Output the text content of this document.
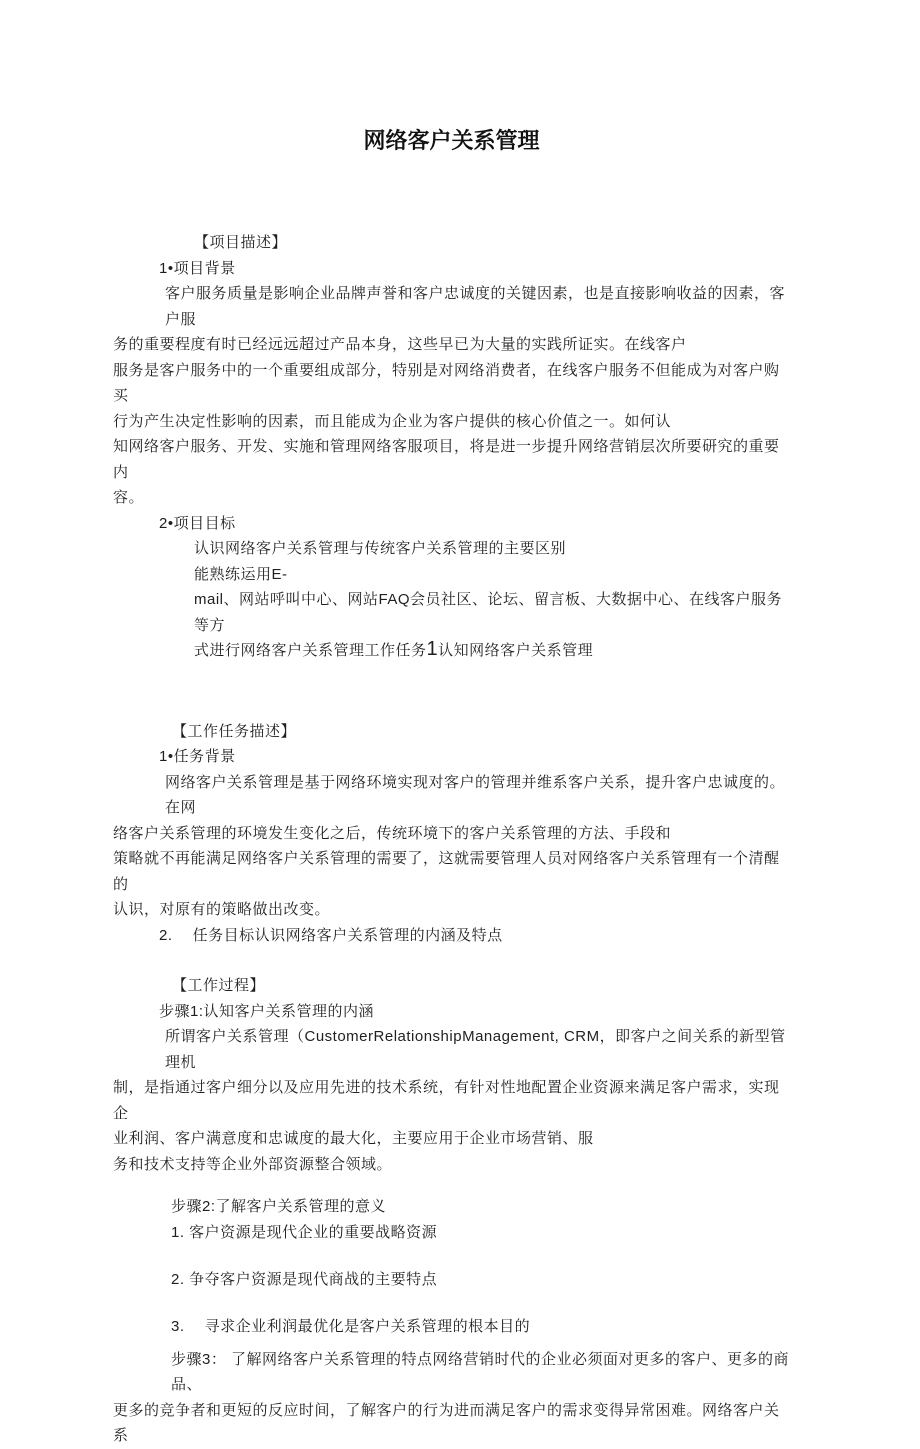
网络客户关系管理
【项目描述】
1•项目背景
客户服务质量是影响企业品牌声誉和客户忠诚度的关键因素，也是直接影响收益的因素，客户服
务的重要程度有时已经远远超过产品本身，这些早已为大量的实践所证实。在线客户
服务是客户服务中的一个重要组成部分，特别是对网络消费者，在线客户服务不但能成为对客户购买
行为产生决定性影响的因素，而且能成为企业为客户提供的核心价值之一。如何认
知网络客户服务、开发、实施和管理网络客服项目，将是进一步提升网络营销层次所要研究的重要内
容。
2•项目目标
认识网络客户关系管理与传统客户关系管理的主要区别
能熟练运用E-
mail、网站呼叫中心、网站FAQ会员社区、论坛、留言板、大数据中心、在线客户服务等方
式进行网络客户关系管理工作任务1认知网络客户关系管理
【工作任务描述】
1•任务背景
网络客户关系管理是基于网络环境实现对客户的管理并维系客户关系，提升客户忠诚度的。在网
络客户关系管理的环境发生变化之后，传统环境下的客户关系管理的方法、手段和
策略就不再能满足网络客户关系管理的需要了，这就需要管理人员对网络客户关系管理有一个清醒的
认识，对原有的策略做出改变。
2.　 任务目标认识网络客户关系管理的内涵及特点
【工作过程】
步骤1:认知客户关系管理的内涵
所谓客户关系管理（CustomerRelationshipManagement, CRM，即客户之间关系的新型管理机
制，是指通过客户细分以及应用先进的技术系统，有针对性地配置企业资源来满足客户需求，实现企
业利润、客户满意度和忠诚度的最大化，主要应用于企业市场营销、服
务和技术支持等企业外部资源整合领域。
步骤2:了解客户关系管理的意义
1. 客户资源是现代企业的重要战略资源
2. 争夺客户资源是现代商战的主要特点
3.　 寻求企业利润最优化是客户关系管理的根本目的
步骤3： 了解网络客户关系管理的特点网络营销时代的企业必须面对更多的客户、更多的商品、
更多的竞争者和更短的反应时间，了解客户的行为进而满足客户的需求变得异常困难。网络客户关系
